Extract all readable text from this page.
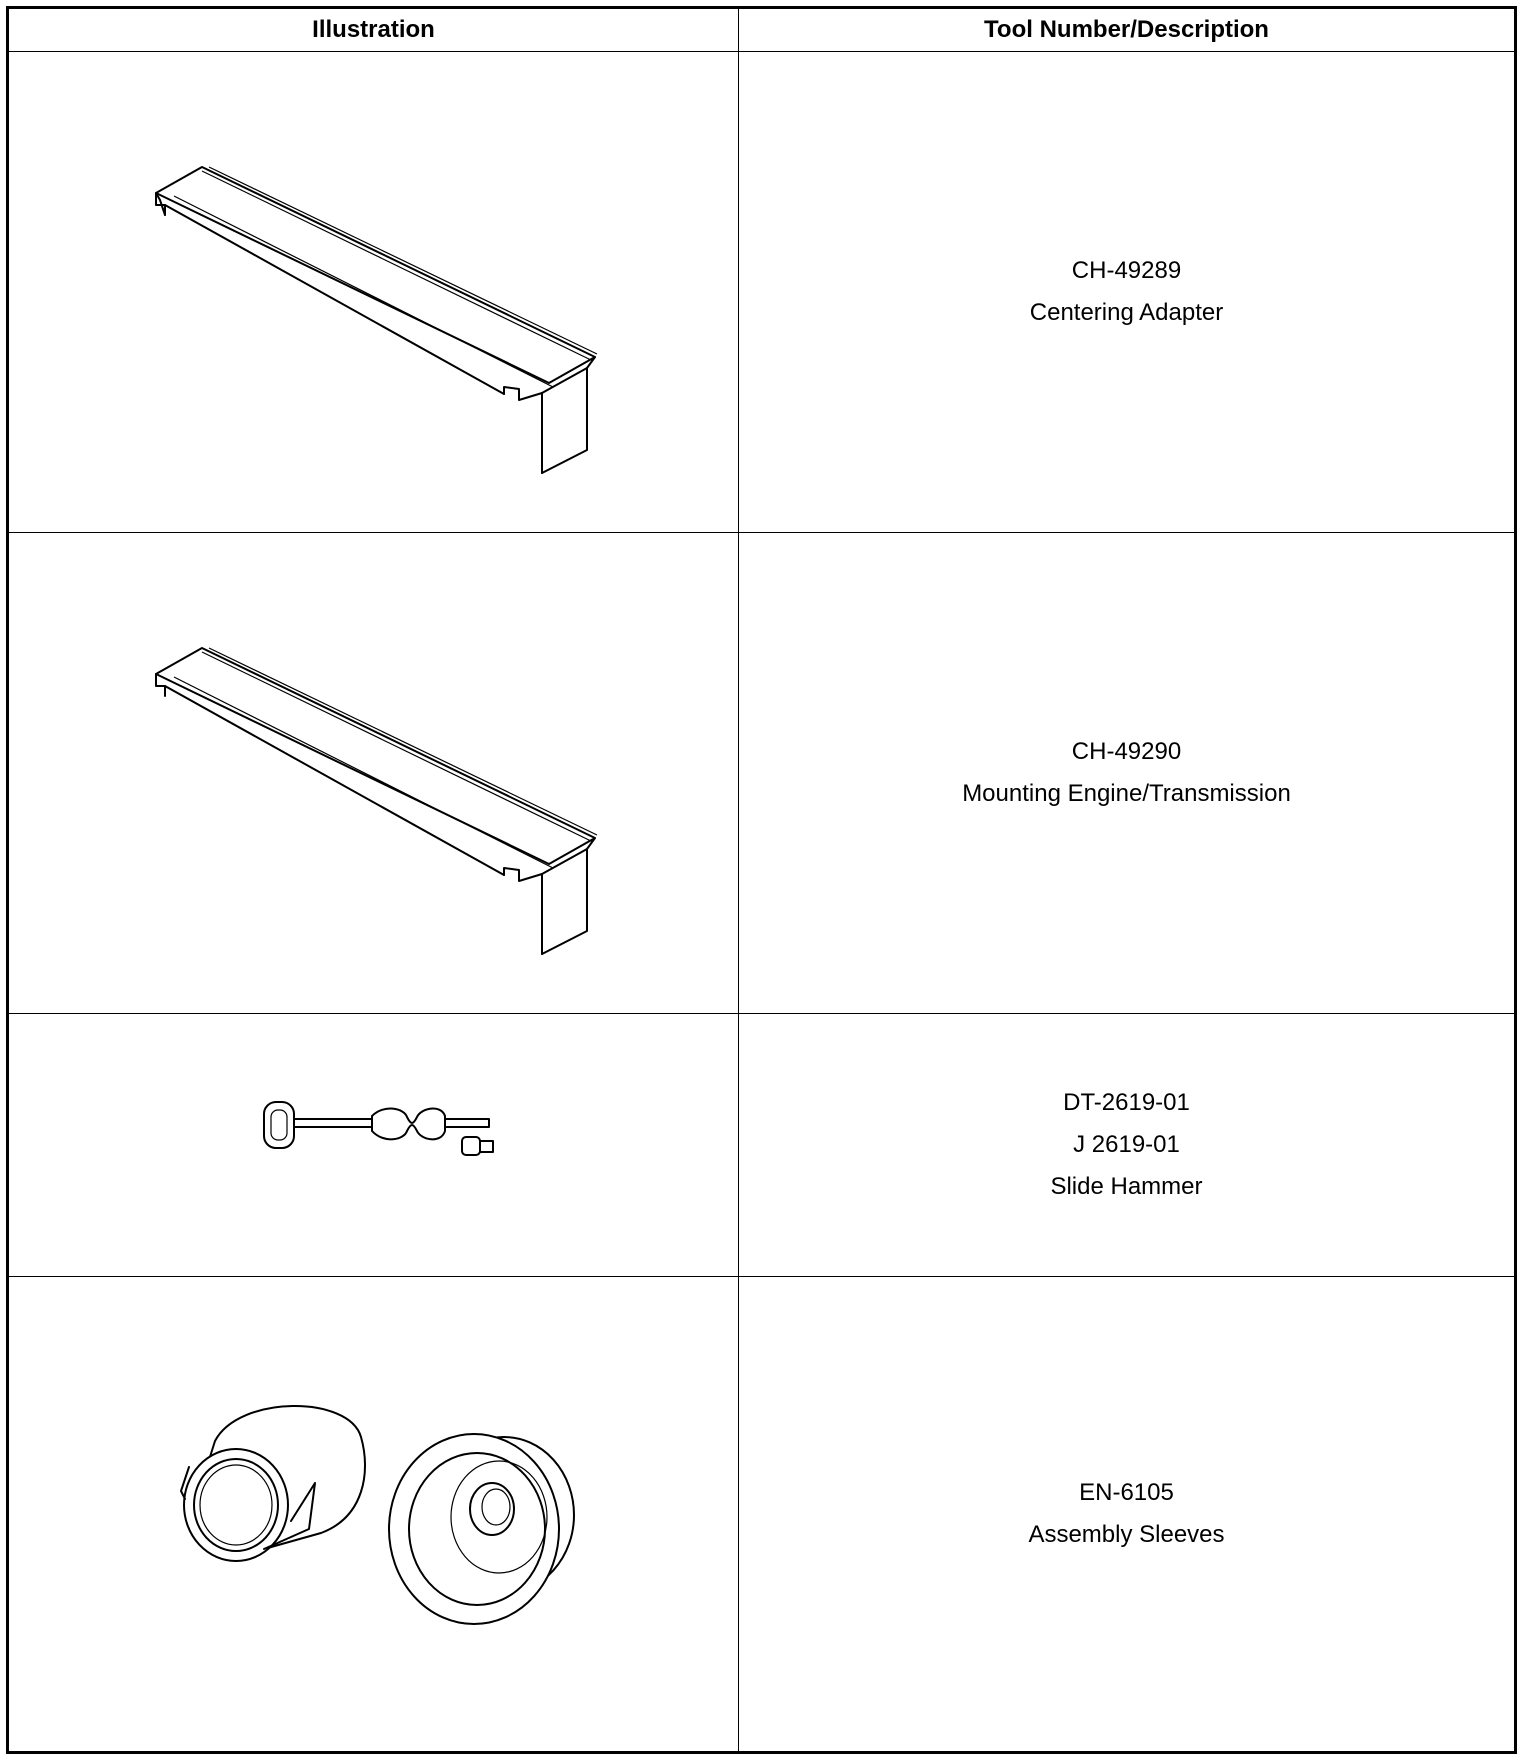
Illustration	Tool Number/Description

CH-49289
Centering Adapter

CH-49290
Mounting Engine/Transmission

DT-2619-01
J 2619-01
Slide Hammer

EN-6105
Assembly Sleeves
